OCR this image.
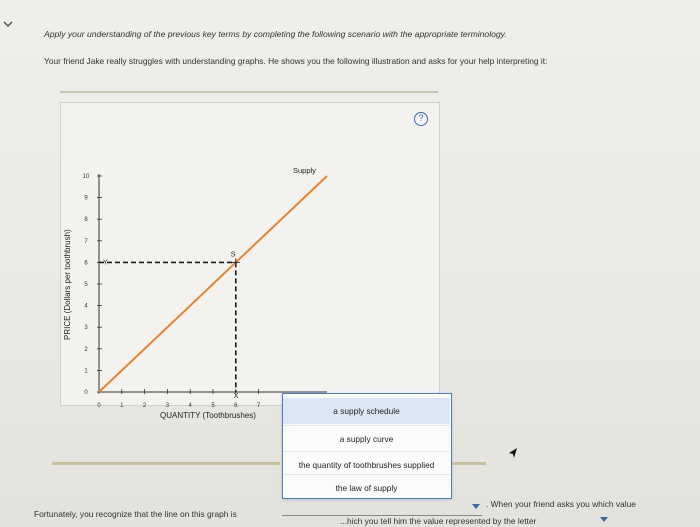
Apply your understanding of the previous key terms by completing the following scenario with the appropriate terminology.
Your friend Jake really struggles with understanding graphs. He shows you the following illustration and asks for your help interpreting it:
?
0
1
2
3
4
5
6
7
8
9
10
0	1	2	3	4	5	6	7
S
Y
X
PRICE (Dollars per toothbrush)
QUANTITY (Toothbrushes)
Supply
a supply schedule
a supply curve
the quantity of toothbrushes supplied
the law of supply
Fortunately, you recognize that the line on this graph is
. When your friend asks you which value
...hich you tell him the value represented by the letter
